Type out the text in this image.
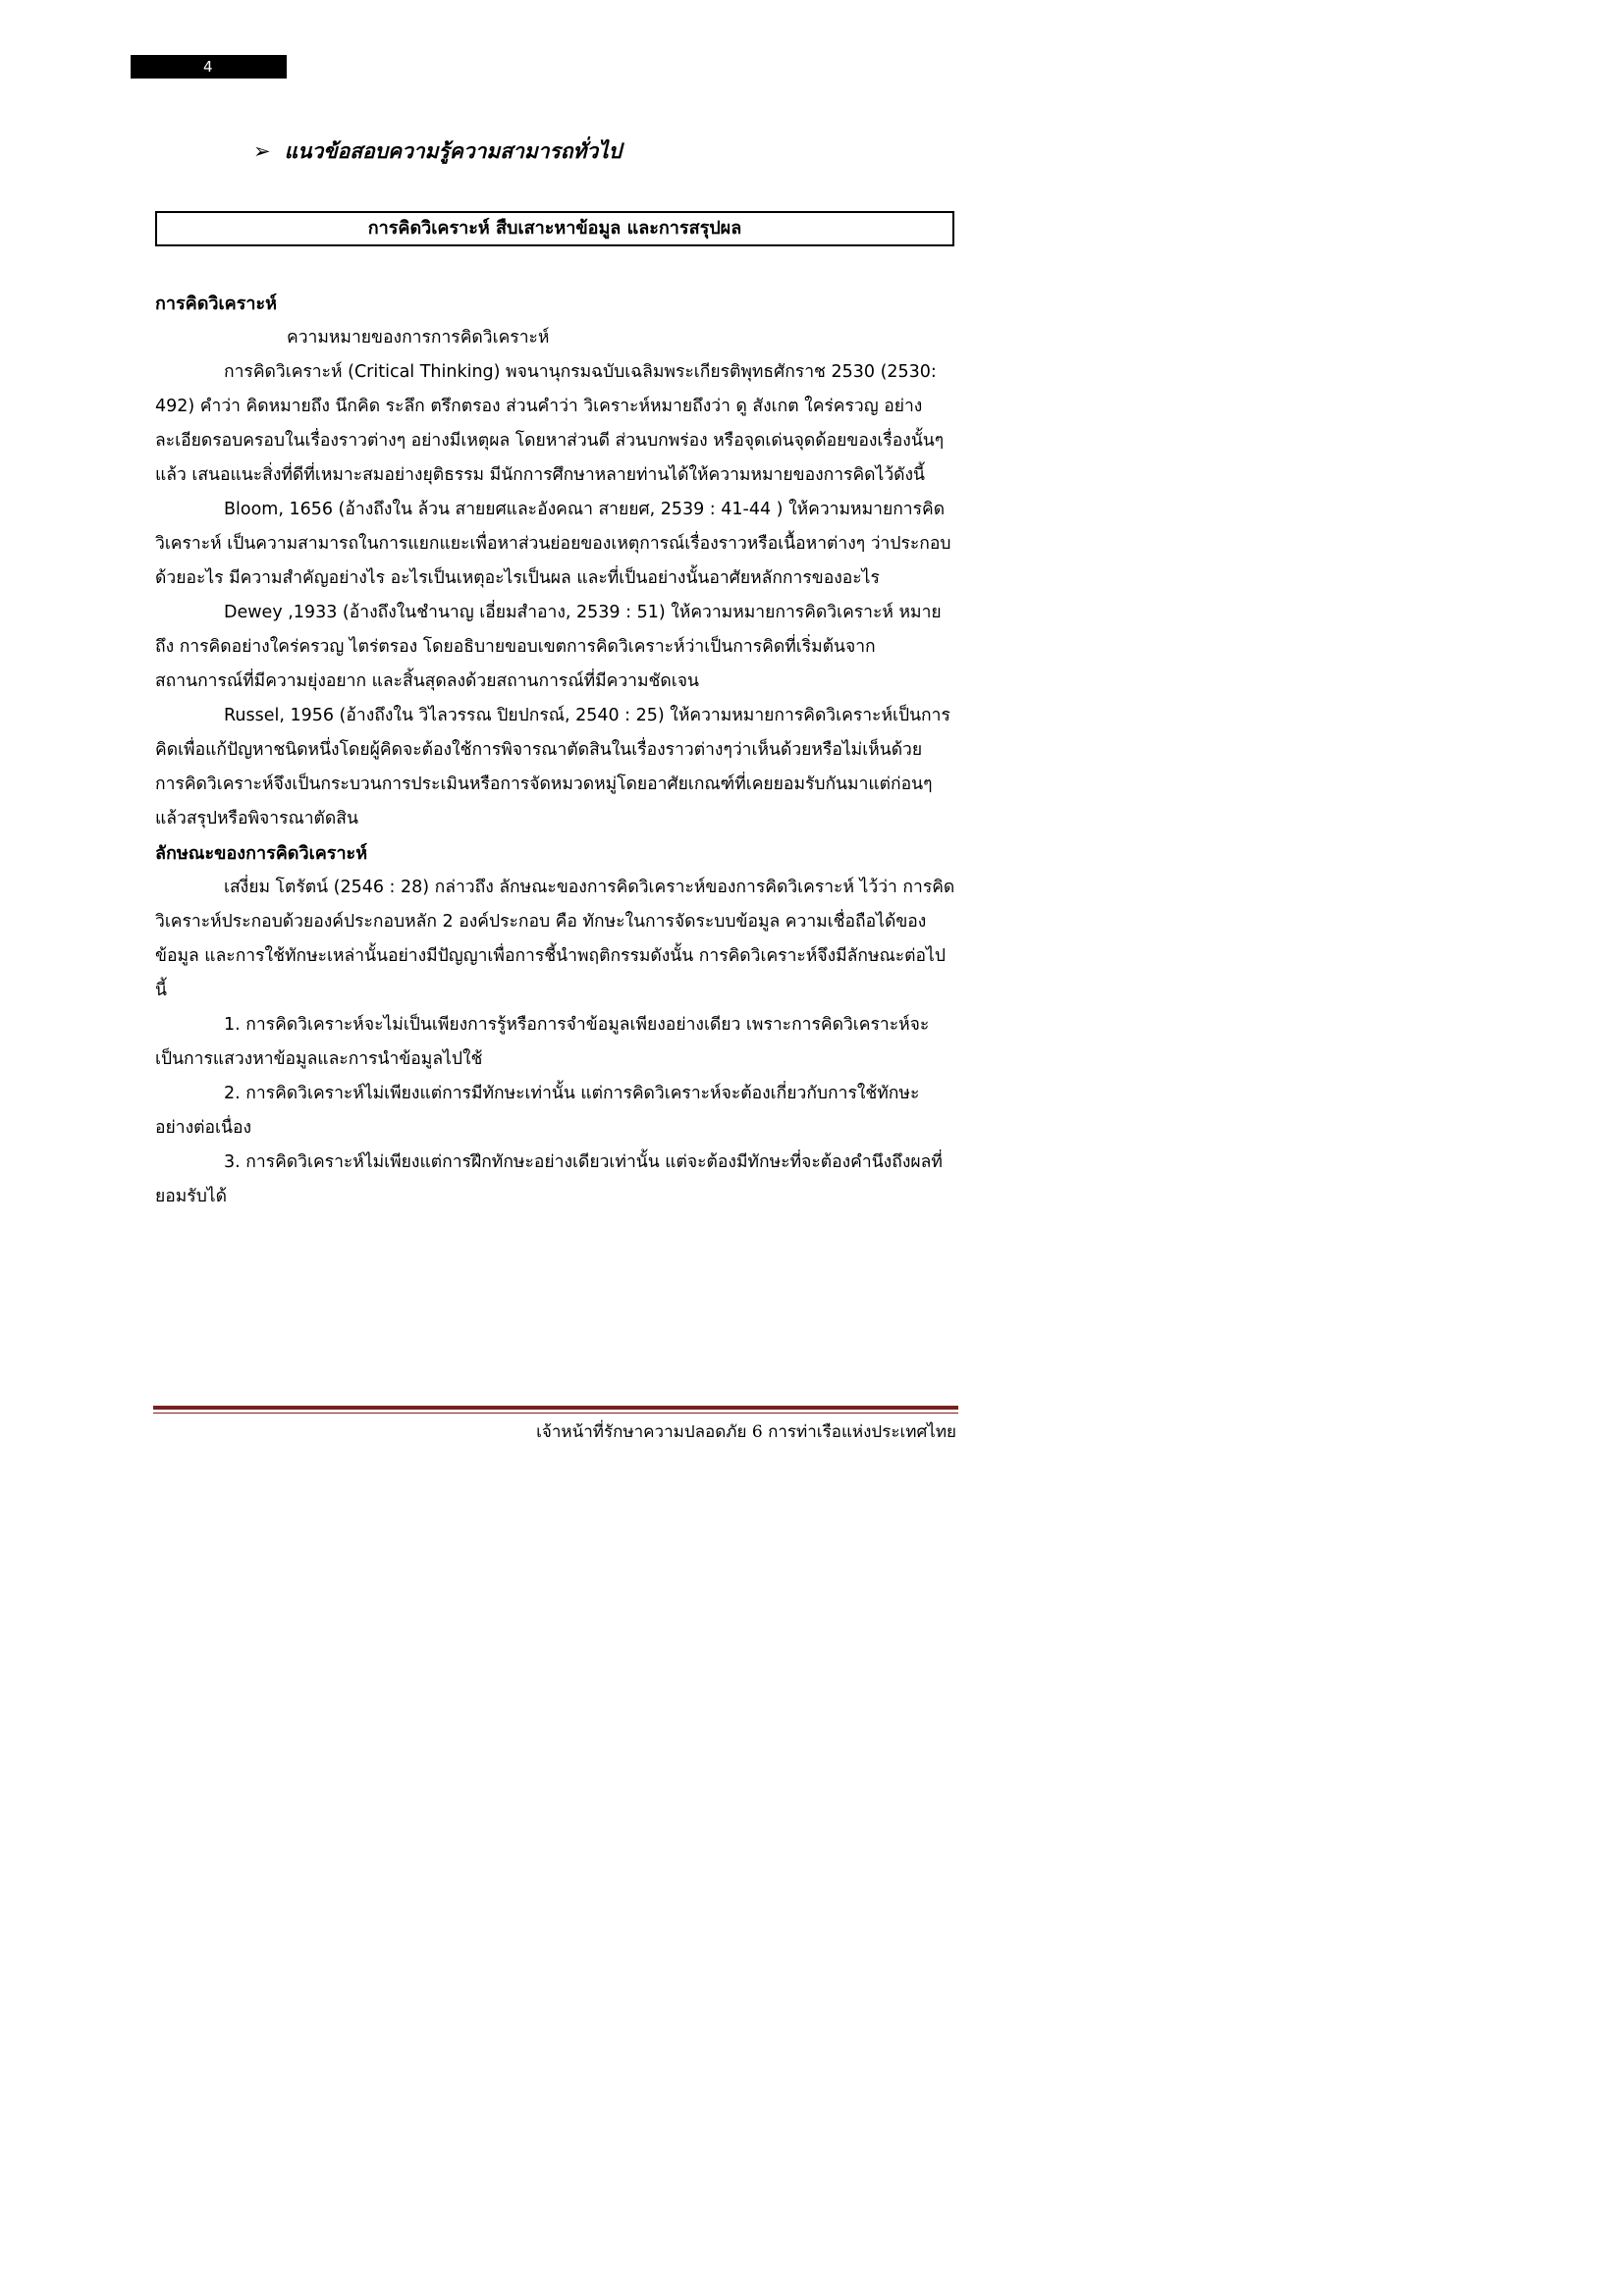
4
➢ แนวข้อสอบความรู้ความสามารถทั่วไป
การคิดวิเคราะห์ สืบเสาะหาข้อมูล และการสรุปผล

การคิดวิเคราะห์

ความหมายของการการคิดวิเคราะห์

การคิดวิเคราะห์ (Critical Thinking) พจนานุกรมฉบับเฉลิมพระเกียรติพุทธศักราช 2530 (2530: 492) คำว่า คิดหมายถึง นึกคิด ระลึก ตรึกตรอง ส่วนคำว่า วิเคราะห์หมายถึงว่า ดู สังเกต ใคร่ครวญ อย่างละเอียดรอบครอบในเรื่องราวต่างๆ อย่างมีเหตุผล โดยหาส่วนดี ส่วนบกพร่อง หรือจุดเด่นจุดด้อยของเรื่องนั้นๆ แล้ว เสนอแนะสิ่งที่ดีที่เหมาะสมอย่างยุติธรรม มีนักการศึกษาหลายท่านได้ให้ความหมายของการคิดไว้ดังนี้

Bloom, 1656 (อ้างถึงใน ล้วน สายยศและอังคณา สายยศ, 2539 : 41-44 ) ให้ความหมายการคิดวิเคราะห์ เป็นความสามารถในการแยกแยะเพื่อหาส่วนย่อยของเหตุการณ์เรื่องราวหรือเนื้อหาต่างๆ ว่าประกอบด้วยอะไร มีความสำคัญอย่างไร อะไรเป็นเหตุอะไรเป็นผล และที่เป็นอย่างนั้นอาศัยหลักการของอะไร

Dewey ,1933 (อ้างถึงในชำนาญ เอี่ยมสำอาง, 2539 : 51) ให้ความหมายการคิดวิเคราะห์ หมายถึง การคิดอย่างใคร่ครวญ ไตร่ตรอง โดยอธิบายขอบเขตการคิดวิเคราะห์ว่าเป็นการคิดที่เริ่มต้นจากสถานการณ์ที่มีความยุ่งอยาก และสิ้นสุดลงด้วยสถานการณ์ที่มีความชัดเจน

Russel, 1956 (อ้างถึงใน วิไลวรรณ ปิยปกรณ์, 2540 : 25) ให้ความหมายการคิดวิเคราะห์เป็นการคิดเพื่อแก้ปัญหาชนิดหนึ่งโดยผู้คิดจะต้องใช้การพิจารณาตัดสินในเรื่องราวต่างๆว่าเห็นด้วยหรือไม่เห็นด้วย การคิดวิเคราะห์จึงเป็นกระบวนการประเมินหรือการจัดหมวดหมู่โดยอาศัยเกณฑ์ที่เคยยอมรับกันมาแต่ก่อนๆ แล้วสรุปหรือพิจารณาตัดสิน

ลักษณะของการคิดวิเคราะห์

เสงี่ยม โตรัตน์ (2546 : 28) กล่าวถึง ลักษณะของการคิดวิเคราะห์ของการคิดวิเคราะห์ ไว้ว่า การคิดวิเคราะห์ประกอบด้วยองค์ประกอบหลัก 2 องค์ประกอบ คือ ทักษะในการจัดระบบข้อมูล ความเชื่อถือได้ของข้อมูล และการใช้ทักษะเหล่านั้นอย่างมีปัญญาเพื่อการชี้นำพฤติกรรมดังนั้น การคิดวิเคราะห์จึงมีลักษณะต่อไปนี้

1. การคิดวิเคราะห์จะไม่เป็นเพียงการรู้หรือการจำข้อมูลเพียงอย่างเดียว เพราะการคิดวิเคราะห์จะเป็นการแสวงหาข้อมูลและการนำข้อมูลไปใช้

2. การคิดวิเคราะห์ไม่เพียงแต่การมีทักษะเท่านั้น แต่การคิดวิเคราะห์จะต้องเกี่ยวกับการใช้ทักษะอย่างต่อเนื่อง

3. การคิดวิเคราะห์ไม่เพียงแต่การฝึกทักษะอย่างเดียวเท่านั้น แต่จะต้องมีทักษะที่จะต้องคำนึงถึงผลที่ยอมรับได้

เจ้าหน้าที่รักษาความปลอดภัย 6 การท่าเรือแห่งประเทศไทย
